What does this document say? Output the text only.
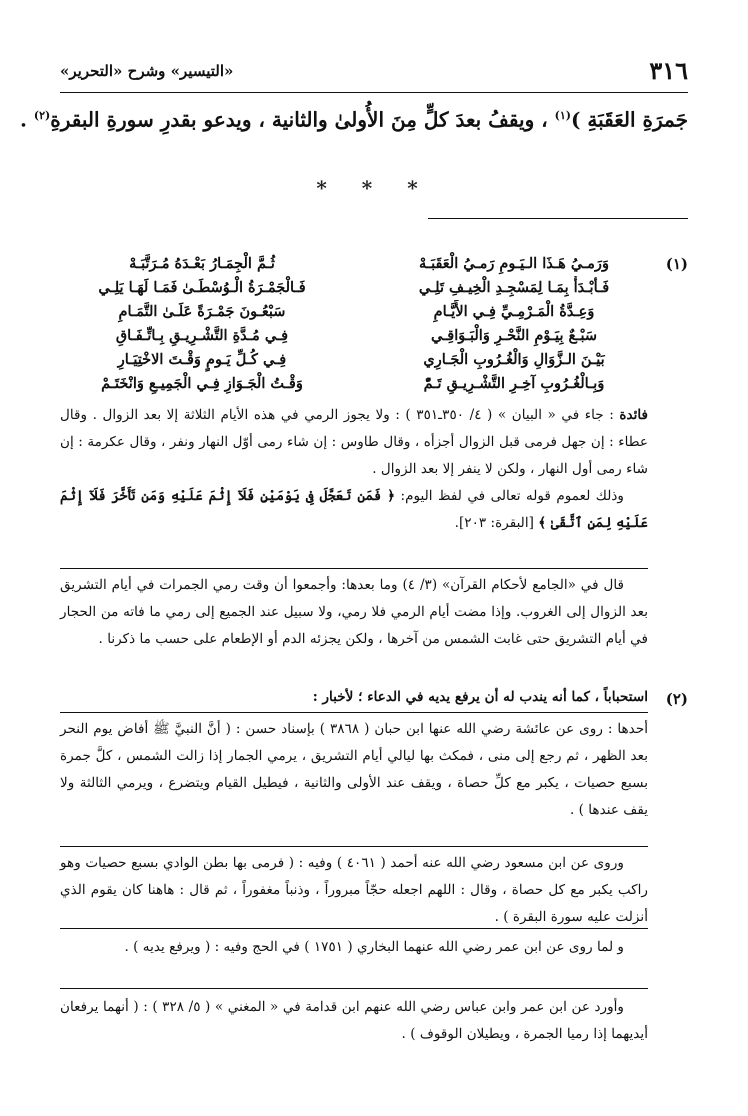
٣١٦
«التيسير» وشرح «التحرير»
جَمرَةِ العَقَبَةِ )$^{(١)}$ ، ويقفُ بعدَ كلٍّ مِنَ الأُولىٰ والثانية ، ويدعو بقدرِ سورةِ البقرةِ$^{(٢)}$ .
* * *
(١)
وَرَمـيُ هَـذَا الـيَـومِ رَمـيُ الْعَقَبَـهْ
ثُـمَّ الْجِمَـارُ بَعْـدَهُ مُـرَتَّبَـهْ
فَـأبْـدَأْ بِمَـا لِمَسْجِـدِ الْخِيـفِ تَلِـي
فَـالْجَمْـرَةُ الْـوُسْطَـىٰ فَمَـا لَهَـا يَلِـي
وَعِـدَّةُ الْمَـرْمِـيِّ فِـي الأَيَّـامِ
سَبْعُـونَ جَمْـرَةً عَلَـىٰ التَّمَـامِ
سَبْـعٌ بِيَـوْمِ النَّحْـرِ وَالْبَـوَاقِـي
فِـي مُـدَّةِ التَّشْـرِيـقِ بِـاتِّـفَـاقِ
بَيْـنَ الـزَّوَالِ وَالْغُـرُوبِ الْجَـارِي
فِـي كُـلِّ يَـومٍ وَقْـتَ الاخْتِيَـارِ
وَبِـالْغُـرُوبِ آخِـرِ التَّشْـرِيـقِ تَـمّْ
وَقْـتُ الْجَـوَازِ فِـي الْجَمِيـعِ وَانْخَتَـمْ

فائدة : جاء في « البيان » ( ٤/ ٣٥٠ـ٣٥١ ) : ولا يجوز الرمي في هذه الأيام الثلاثة إلا بعد الزوال . وقال عطاء : إن جهل فرمى قبل الزوال أجزأه ، وقال طاوس : إن شاء رمى أوّل النهار ونفر ، وقال عكرمة : إن شاء رمى أول النهار ، ولكن لا ينفر إلا بعد الزوال .

وذلك لعموم قوله تعالى في لفظ اليوم: ﴿ فَمَن تَعَجَّلَ فِى يَوْمَيْنِ فَلَآ إِثْمَ عَلَيْهِ وَمَن تَأَخَّرَ فَلَآ إِثْمَ عَلَيْهِ لِمَنِ ٱتَّقَىٰ ﴾ [البقرة: ٢٠٣].

قال في «الجامع لأحكام القرآن» (٣/ ٤) وما بعدها: وأجمعوا أن وقت رمي الجمرات في أيام التشريق بعد الزوال إلى الغروب. وإذا مضت أيام الرمي فلا رمي، ولا سبيل عند الجميع إلى رمي ما فاته من الحجار في أيام التشريق حتى غابت الشمس من آخرها ، ولكن يجزئه الدم أو الإطعام على حسب ما ذكرنا .

(٢)

استحباباً ، كما أنه يندب له أن يرفع يديه في الدعاء ؛ لأخبار :

أحدها : روى عن عائشة رضي الله عنها ابن حبان ( ٣٨٦٨ ) بإسناد حسن : ( أنَّ النبيَّ ﷺ أفاض يوم النحر بعد الظهر ، ثم رجع إلى منى ، فمكث بها ليالي أيام التشريق ، يرمي الجمار إذا زالت الشمس ، كلَّ جمرة بسبع حصيات ، يكبر مع كلِّ حصاة ، ويقف عند الأولى والثانية ، فيطيل القيام ويتضرع ، ويرمي الثالثة ولا يقف عندها ) .

وروى عن ابن مسعود رضي الله عنه أحمد ( ٤٠٦١ ) وفيه : ( فرمى بها بطن الوادي بسبع حصيات وهو راكب يكبر مع كل حصاة ، وقال : اللهم اجعله حجّاً مبروراً ، وذنباً مغفوراً ، ثم قال : هاهنا كان يقوم الذي أنزلت عليه سورة البقرة ) .

و لما روى عن ابن عمر رضي الله عنهما البخاري ( ١٧٥١ ) في الحج وفيه : ( ويرفع يديه ) .

وأورد عن ابن عمر وابن عباس رضي الله عنهم ابن قدامة في « المغني » ( ٥/ ٣٢٨ ) : ( أنهما يرفعان أيديهما إذا رميا الجمرة ، ويطيلان الوقوف ) .
